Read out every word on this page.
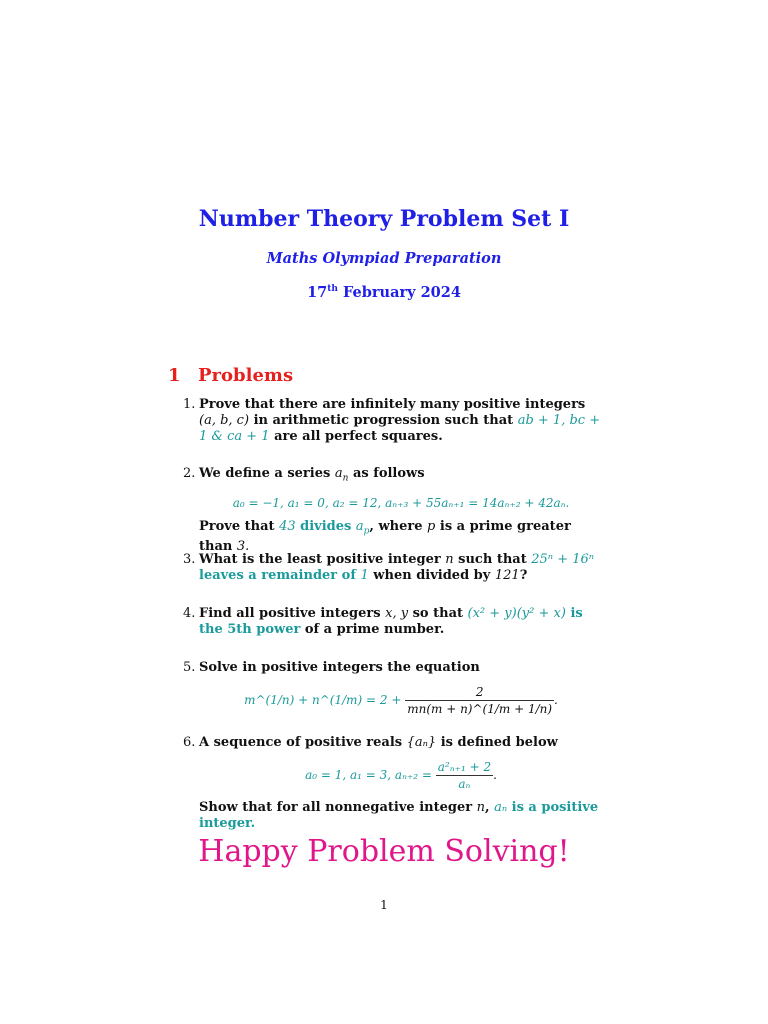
Number Theory Problem Set I
Maths Olympiad Preparation
17th February 2024
1 Problems
1. Prove that there are infinitely many positive integers (a, b, c) in arithmetic progression such that ab + 1, bc + 1 & ca + 1 are all perfect squares.
2. We define a series $a_n$ as follows
a₀ = −1, a₁ = 0, a₂ = 12, aₙ₊₃ + 55aₙ₊₁ = 14aₙ₊₂ + 42aₙ.
Prove that 43 divides $a_p$, where p is a prime greater than 3.
3. What is the least positive integer n such that 25ⁿ + 16ⁿ leaves a remainder of 1 when divided by 121?
4. Find all positive integers x, y so that (x² + y)(y² + x) is the 5th power of a prime number.
5. Solve in positive integers the equation
m^(1/n) + n^(1/m) = $2 + \frac{2}{mn(m + n)\^{}(1/m + 1/n)}$ .
6. A sequence of positive reals {aₙ} is defined below
a₀ = 1, a₁ = 3, $a_{n+2} = \frac{\text{a²ₙ₊₁ + 2}}{\text{aₙ}}$ .
Show that for all nonnegative integer n, aₙ is a positive integer.
Happy Problem Solving!
1
